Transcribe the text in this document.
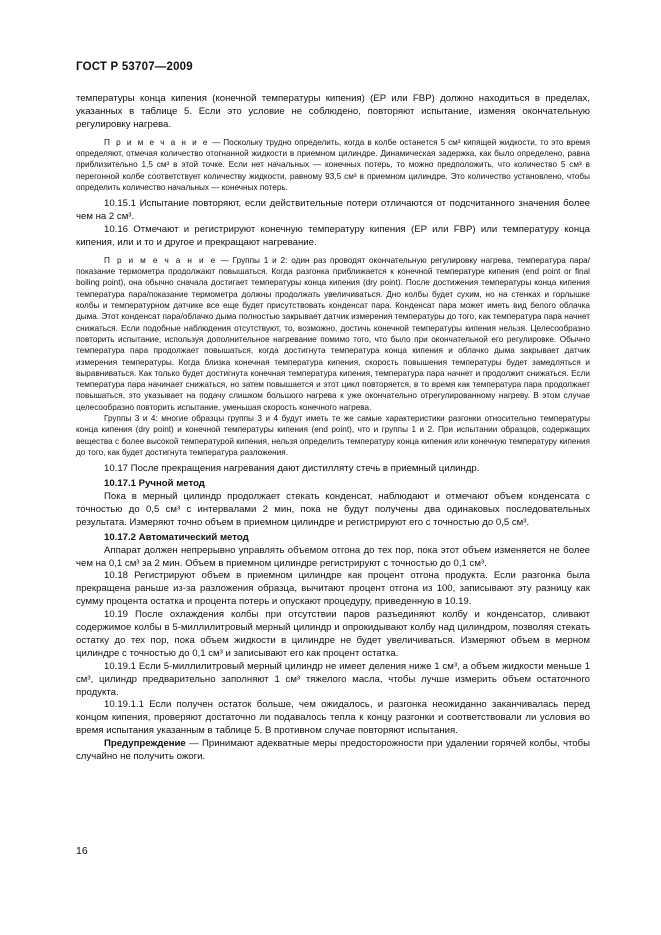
ГОСТ Р 53707—2009

температуры конца кипения (конечной температуры кипения) (EP или FBP) должно находиться в пределах, указанных в таблице 5. Если это условие не соблюдено, повторяют испытание, изменяя окончательную регулировку нагрева.

П р и м е ч а н и е — Поскольку трудно определить, когда в колбе останется 5 см³ кипящей жидкости, то это время определяют, отмечая количество отогнанной жидкости в приемном цилиндре. Динамическая задержка, как было определено, равна приблизительно 1,5 см³ в этой точке. Если нет начальных — конечных потерь, то можно предположить, что количество 5 см³ в перегонной колбе соответствует количеству жидкости, равному 93,5 см³ в приемном цилиндре. Это количество установлено, чтобы определить количество начальных — конечных потерь.

10.15.1 Испытание повторяют, если действительные потери отличаются от подсчитанного значения более чем на 2 см³.

10.16 Отмечают и регистрируют конечную температуру кипения (EP или FBP) или температуру конца кипения, или и то и другое и прекращают нагревание.

П р и м е ч а н и е — Группы 1 и 2: один раз проводят окончательную регулировку нагрева, температура пара/показание термометра продолжают повышаться. Когда разгонка приближается к конечной температуре кипения (end point or final boiling point), она обычно сначала достигает температуры конца кипения (dry point). После достижения температуры конца кипения температура пара/показание термометра должны продолжать увеличиваться. Дно колбы будет сухим, но на стенках и горлышке колбы и температурном датчике все еще будет присутствовать конденсат пара. Конденсат пара может иметь вид белого облачка дыма. Этот конденсат пара/облачко дыма полностью закрывает датчик измерения температуры до того, как температура пара начнет снижаться. Если подобные наблюдения отсутствуют, то, возможно, достичь конечной температуры кипения нельзя. Целесообразно повторить испытание, используя дополнительное нагревание помимо того, что было при окончательной его регулировке. Обычно температура пара продолжает повышаться, когда достигнута температура конца кипения и облачко дыма закрывает датчик измерения температуры. Когда близка конечная температура кипения, скорость повышения температуры будет замедляться и выравниваться. Как только будет достигнута конечная температура кипения, температура пара начнет и продолжит снижаться. Если температура пара начинает снижаться, но затем повышается и этот цикл повторяется, в то время как температура пара продолжает повышаться, это указывает на подачу слишком большого нагрева к уже окончательно отрегулированному нагреву. В этом случае целесообразно повторить испытание, уменьшая скорость конечного нагрева.

Группы 3 и 4: многие образцы группы 3 и 4 будут иметь те же самые характеристики разгонки относительно температуры конца кипения (dry point) и конечной температуры кипения (end point), что и группы 1 и 2. При испытании образцов, содержащих вещества с более высокой температурой кипения, нельзя определить температуру конца кипения или конечную температуру кипения до того, как будет достигнута температура разложения.

10.17 После прекращения нагревания дают дистилляту стечь в приемный цилиндр.

10.17.1 Ручной метод

Пока в мерный цилиндр продолжает стекать конденсат, наблюдают и отмечают объем конденсата с точностью до 0,5 см³ с интервалами 2 мин, пока не будут получены два одинаковых последовательных результата. Измеряют точно объем в приемном цилиндре и регистрируют его с точностью до 0,5 см³.

10.17.2 Автоматический метод

Аппарат должен непрерывно управлять объемом отгона до тех пор, пока этот объем изменяется не более чем на 0,1 см³ за 2 мин. Объем в приемном цилиндре регистрируют с точностью до 0,1 см³.

10.18 Регистрируют объем в приемном цилиндре как процент отгона продукта. Если разгонка была прекращена раньше из-за разложения образца, вычитают процент отгона из 100, записывают эту разницу как сумму процента остатка и процента потерь и опускают процедуру, приведенную в 10.19.

10.19 После охлаждения колбы при отсутствии паров разъединяют колбу и конденсатор, сливают содержимое колбы в 5-миллилитровый мерный цилиндр и опрокидывают колбу над цилиндром, позволяя стекать остатку до тех пор, пока объем жидкости в цилиндре не будет увеличиваться. Измеряют объем в мерном цилиндре с точностью до 0,1 см³ и записывают его как процент остатка.

10.19.1 Если 5-миллилитровый мерный цилиндр не имеет деления ниже 1 см³, а объем жидкости меньше 1 см³, цилиндр предварительно заполняют 1 см³ тяжелого масла, чтобы лучше измерить объем остаточного продукта.

10.19.1.1 Если получен остаток больше, чем ожидалось, и разгонка неожиданно заканчивалась перед концом кипения, проверяют достаточно ли подавалось тепла к концу разгонки и соответствовали ли условия во время испытания указанным в таблице 5. В противном случае повторяют испытания.

Предупреждение — Принимают адекватные меры предосторожности при удалении горячей колбы, чтобы случайно не получить ожоги.

16
